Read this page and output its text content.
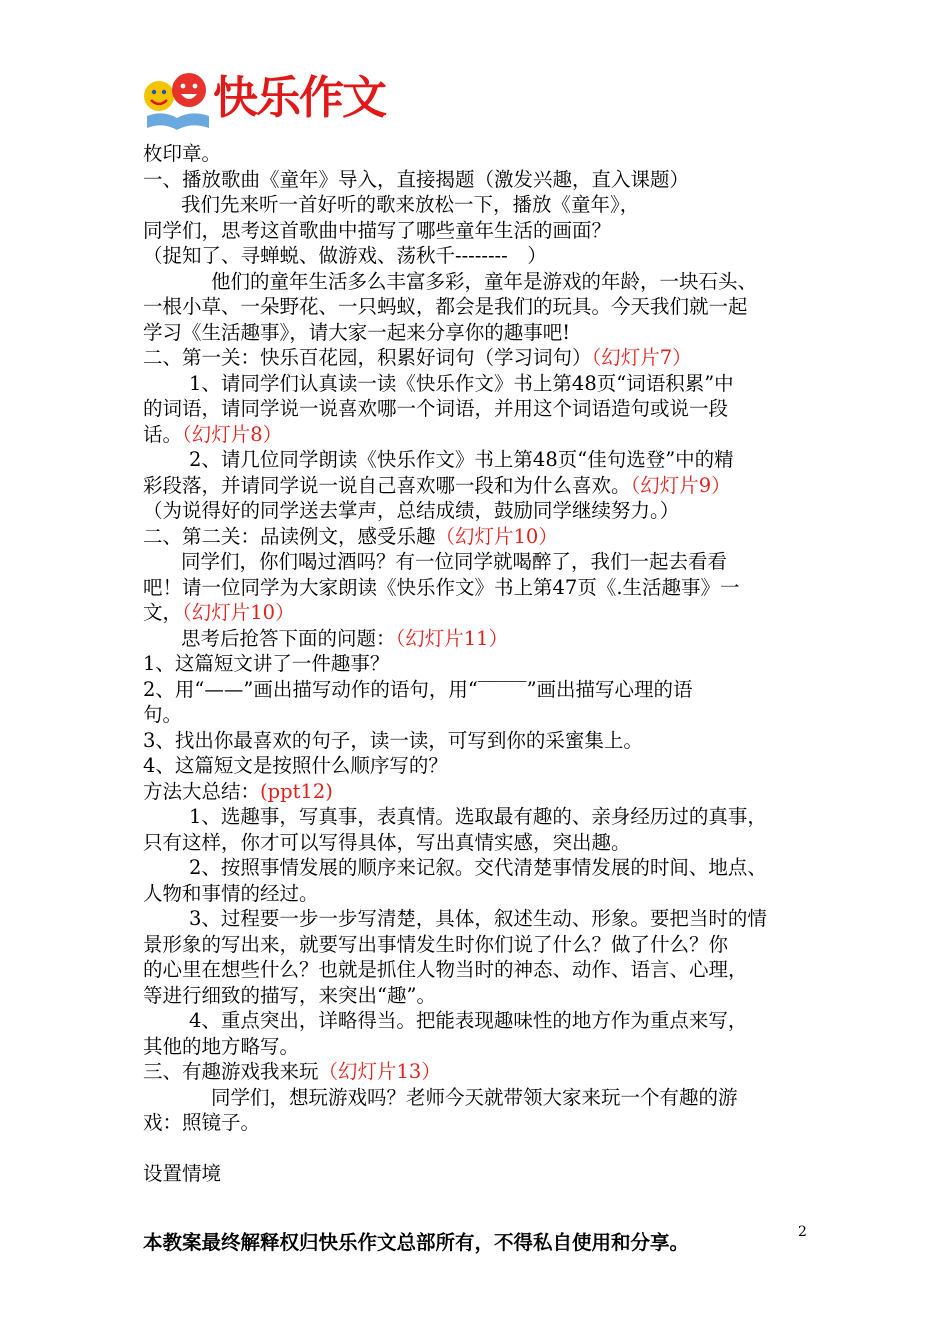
快乐作文
枚印章。
一、播放歌曲《童年》导入，直接揭题（激发兴趣，直入课题）
我们先来听一首好听的歌来放松一下，播放《童年》，
同学们，思考这首歌曲中描写了哪些童年生活的画面？
（捉知了、寻蝉蜕、做游戏、荡秋千--------　）
他们的童年生活多么丰富多彩，童年是游戏的年龄，一块石头、
一根小草、一朵野花、一只蚂蚁，都会是我们的玩具。今天我们就一起
学习《生活趣事》，请大家一起来分享你的趣事吧!
二、第一关：快乐百花园，积累好词句（学习词句）（幻灯片7）
1、请同学们认真读一读《快乐作文》书上第48页“词语积累”中
的词语，请同学说一说喜欢哪一个词语，并用这个词语造句或说一段
话。（幻灯片8）
2、请几位同学朗读《快乐作文》书上第48页“佳句选登”中的精
彩段落，并请同学说一说自己喜欢哪一段和为什么喜欢。（幻灯片9）
（为说得好的同学送去掌声，总结成绩，鼓励同学继续努力。）
二、第二关：品读例文，感受乐趣（幻灯片10）
同学们，你们喝过酒吗？有一位同学就喝醉了，我们一起去看看
吧！请一位同学为大家朗读《快乐作文》书上第47页《.生活趣事》一
文，（幻灯片10）
思考后抢答下面的问题：（幻灯片11）
1、这篇短文讲了一件趣事？
2、用“——”画出描写动作的语句，用“‾‾‾‾‾”画出描写心理的语
句。
3、找出你最喜欢的句子，读一读，可写到你的采蜜集上。
4、这篇短文是按照什么顺序写的？
方法大总结：(ppt12)
1、选趣事，写真事，表真情。选取最有趣的、亲身经历过的真事，
只有这样，你才可以写得具体，写出真情实感，突出趣。
2、按照事情发展的顺序来记叙。交代清楚事情发展的时间、地点、
人物和事情的经过。
3、过程要一步一步写清楚，具体，叙述生动、形象。要把当时的情
景形象的写出来，就要写出事情发生时你们说了什么？做了什么？你
的心里在想些什么？也就是抓住人物当时的神态、动作、语言、心理，
等进行细致的描写，来突出“趣”。
4、重点突出，详略得当。把能表现趣味性的地方作为重点来写，
其他的地方略写。
三、有趣游戏我来玩（幻灯片13）
同学们，想玩游戏吗？老师今天就带领大家来玩一个有趣的游
戏：照镜子。
设置情境
本教案最终解释权归快乐作文总部所有，不得私自使用和分享。	2
